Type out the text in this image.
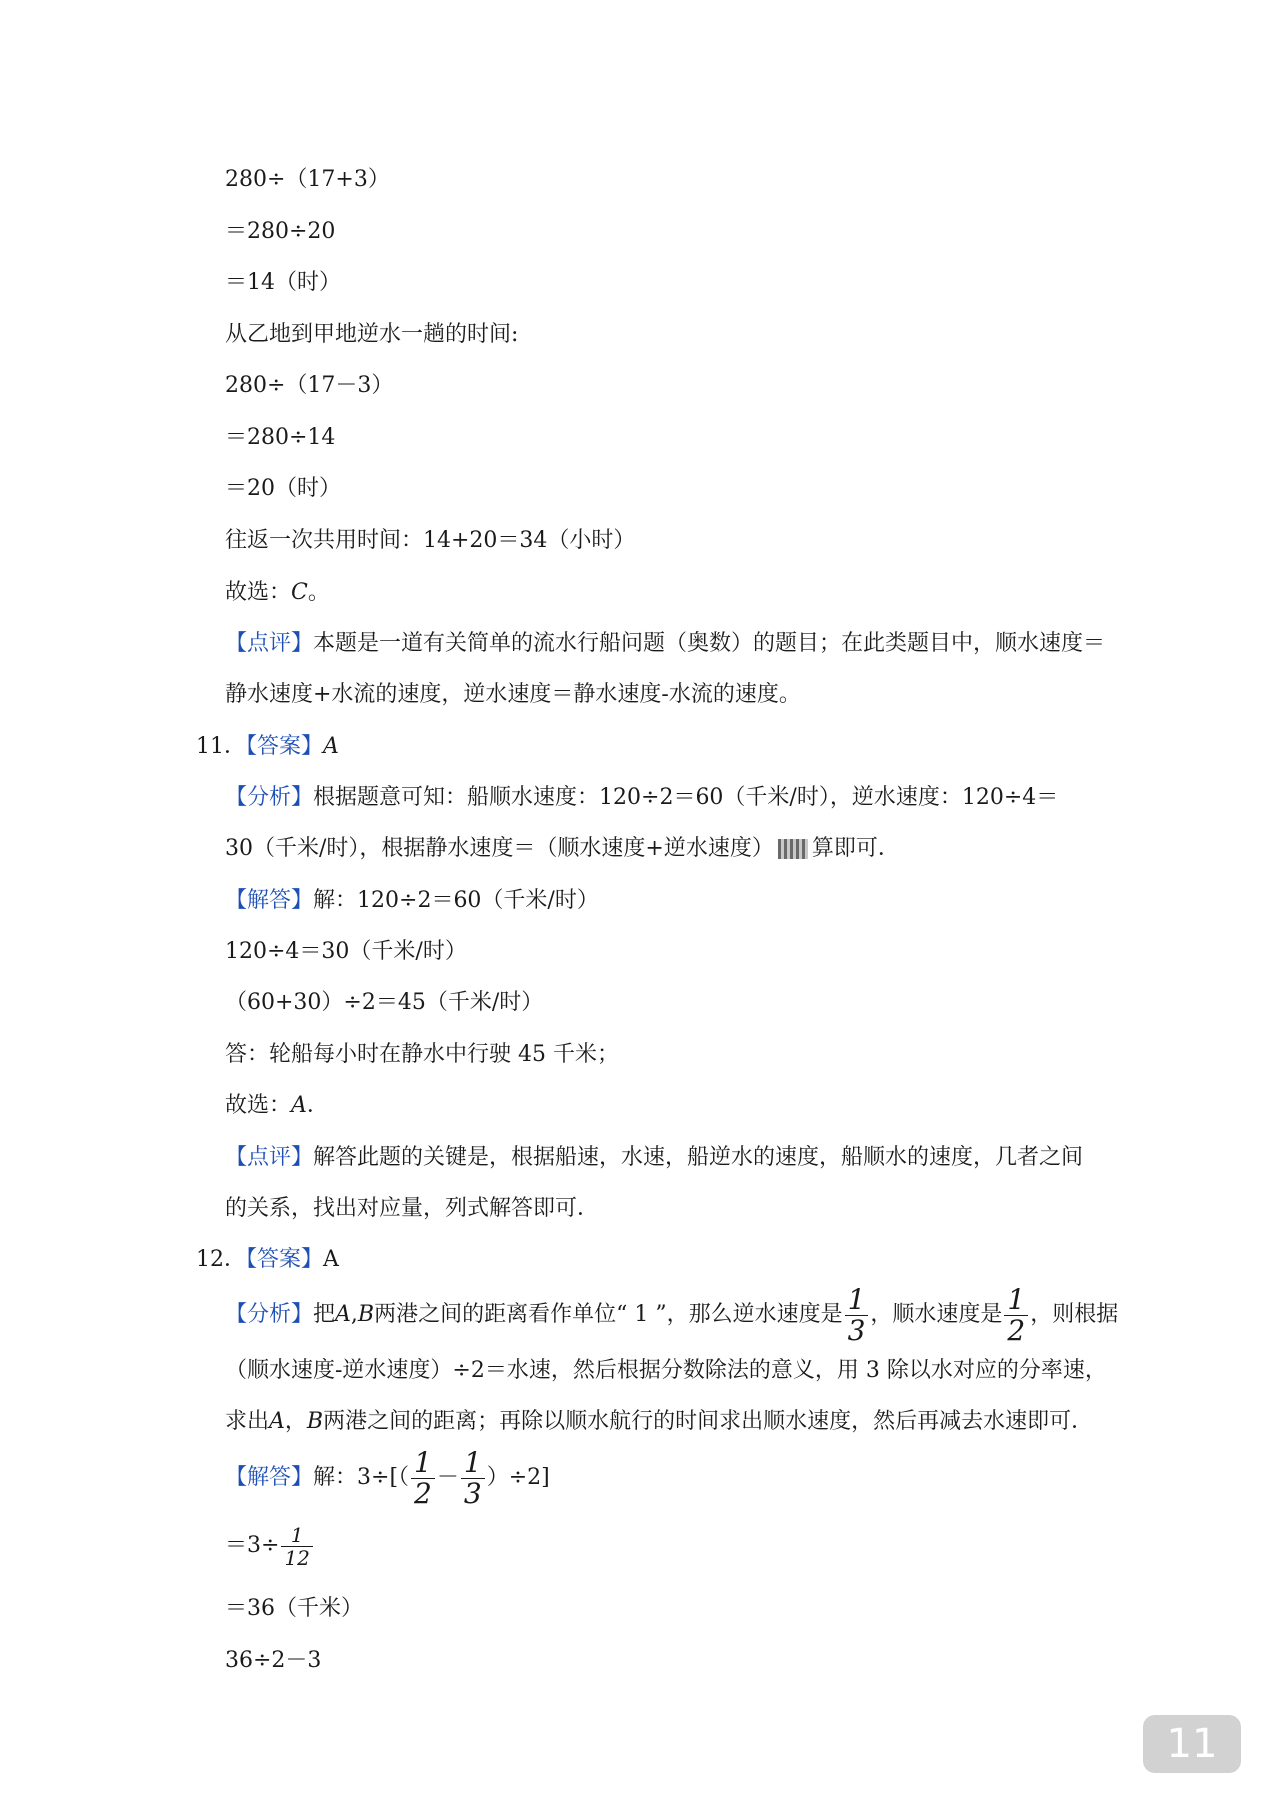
280÷（17+3）
＝280÷20
＝14（时）
从乙地到甲地逆水一趟的时间:
280÷（17－3）
＝280÷14
＝20（时）
往返一次共用时间：14+20＝34（小时）
故选：C。
【点评】本题是一道有关简单的流水行船问题（奥数）的题目；在此类题目中，顺水速度＝
静水速度+水流的速度，逆水速度＝静水速度-水流的速度。
11．【答案】A
【分析】根据题意可知：船顺水速度：120÷2＝60（千米/时），逆水速度：120÷4＝
30（千米/时），根据静水速度＝（顺水速度+逆水速度） 算即可．
【解答】解：120÷2＝60（千米/时）
120÷4＝30（千米/时）
（60+30）÷2＝45（千米/时）
答：轮船每小时在静水中行驶 45 千米；
故选：A．
【点评】解答此题的关键是，根据船速，水速，船逆水的速度，船顺水的速度，几者之间
的关系，找出对应量，列式解答即可．
12．【答案】A
【分析】把A,B两港之间的距离看作单位“ 1 ”，那么逆水速度是 $\frac{1}{3}$ ，顺水速度是 $\frac{1}{2}$ ，则根据
（顺水速度-逆水速度）÷2＝水速，然后根据分数除法的意义，用 3 除以水对应的分率速，
求出A，B两港之间的距离；再除以顺水航行的时间求出顺水速度，然后再减去水速即可．
【解答】解：$3\div[( \frac{1}{2} - \frac{1}{3} )\div 2]$
$=3\div \frac{1}{12}$
＝36（千米）
36÷2－3
11
